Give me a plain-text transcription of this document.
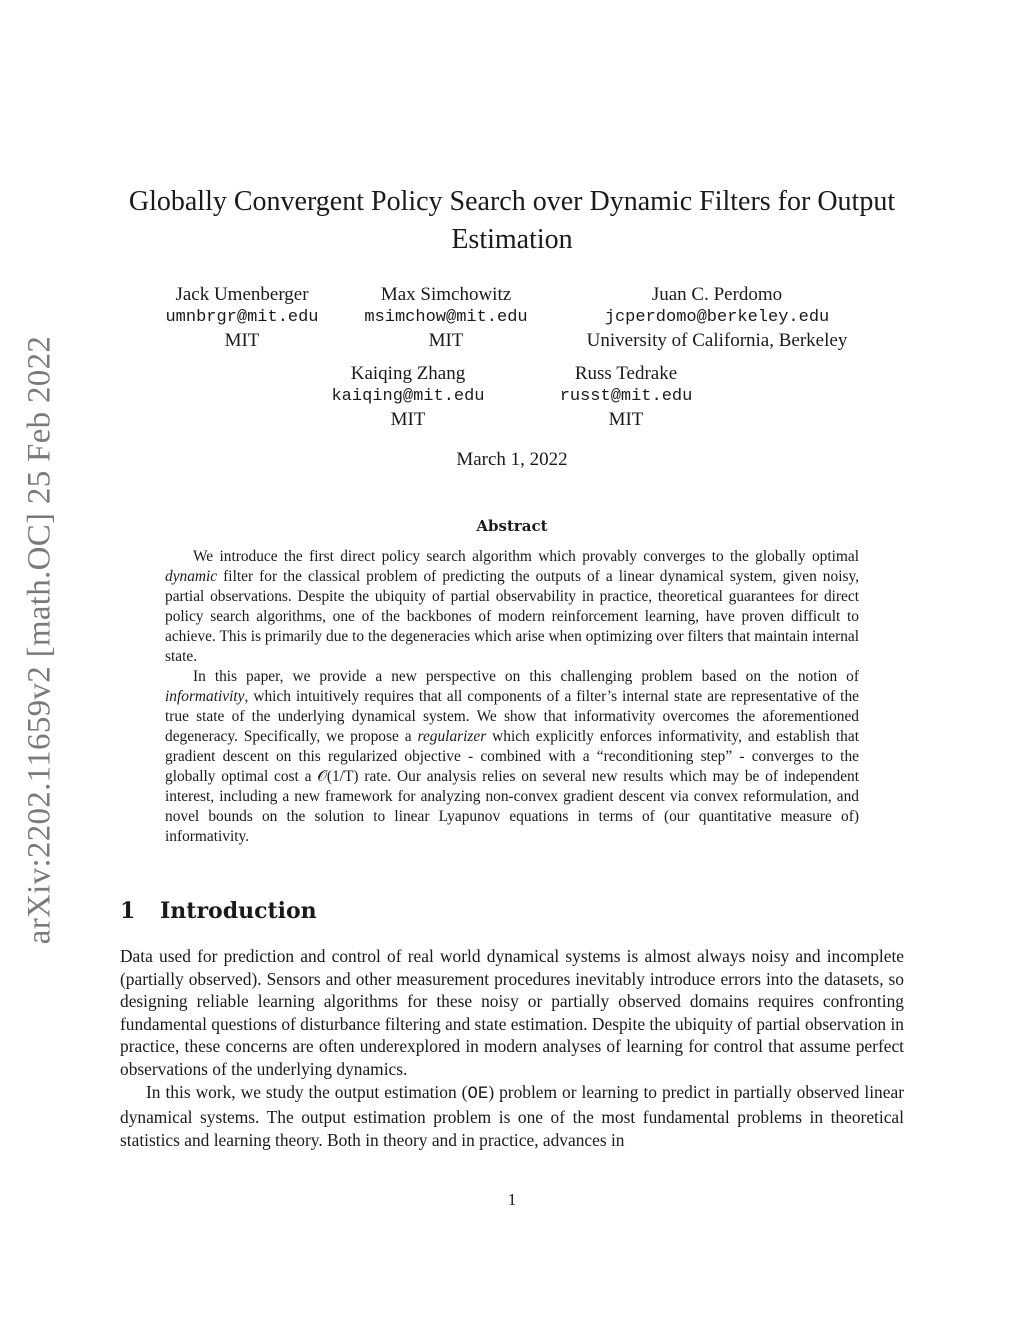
arXiv:2202.11659v2 [math.OC] 25 Feb 2022
Globally Convergent Policy Search over Dynamic Filters for Output Estimation
Jack Umenberger
umnbrgr@mit.edu
MIT
Max Simchowitz
msimchow@mit.edu
MIT
Juan C. Perdomo
jcperdomo@berkeley.edu
University of California, Berkeley
Kaiqing Zhang
kaiqing@mit.edu
MIT
Russ Tedrake
russt@mit.edu
MIT
March 1, 2022
Abstract

We introduce the first direct policy search algorithm which provably converges to the globally optimal dynamic filter for the classical problem of predicting the outputs of a linear dynamical system, given noisy, partial observations. Despite the ubiquity of partial observability in practice, theoretical guarantees for direct policy search algorithms, one of the backbones of modern reinforcement learning, have proven difficult to achieve. This is primarily due to the degeneracies which arise when optimizing over filters that maintain internal state.

In this paper, we provide a new perspective on this challenging problem based on the notion of informativity, which intuitively requires that all components of a filter’s internal state are representative of the true state of the underlying dynamical system. We show that informativity overcomes the aforementioned degeneracy. Specifically, we propose a regularizer which explicitly enforces informativity, and establish that gradient descent on this regularized objective - combined with a “reconditioning step” - converges to the globally optimal cost a 𝒪(1/T) rate. Our analysis relies on several new results which may be of independent interest, including a new framework for analyzing non-convex gradient descent via convex reformulation, and novel bounds on the solution to linear Lyapunov equations in terms of (our quantitative measure of) informativity.

1 Introduction

Data used for prediction and control of real world dynamical systems is almost always noisy and incomplete (partially observed). Sensors and other measurement procedures inevitably introduce errors into the datasets, so designing reliable learning algorithms for these noisy or partially observed domains requires confronting fundamental questions of disturbance filtering and state estimation. Despite the ubiquity of partial observation in practice, these concerns are often underexplored in modern analyses of learning for control that assume perfect observations of the underlying dynamics.

In this work, we study the output estimation (OE) problem or learning to predict in partially observed linear dynamical systems. The output estimation problem is one of the most fundamental problems in theoretical statistics and learning theory. Both in theory and in practice, advances in

1
